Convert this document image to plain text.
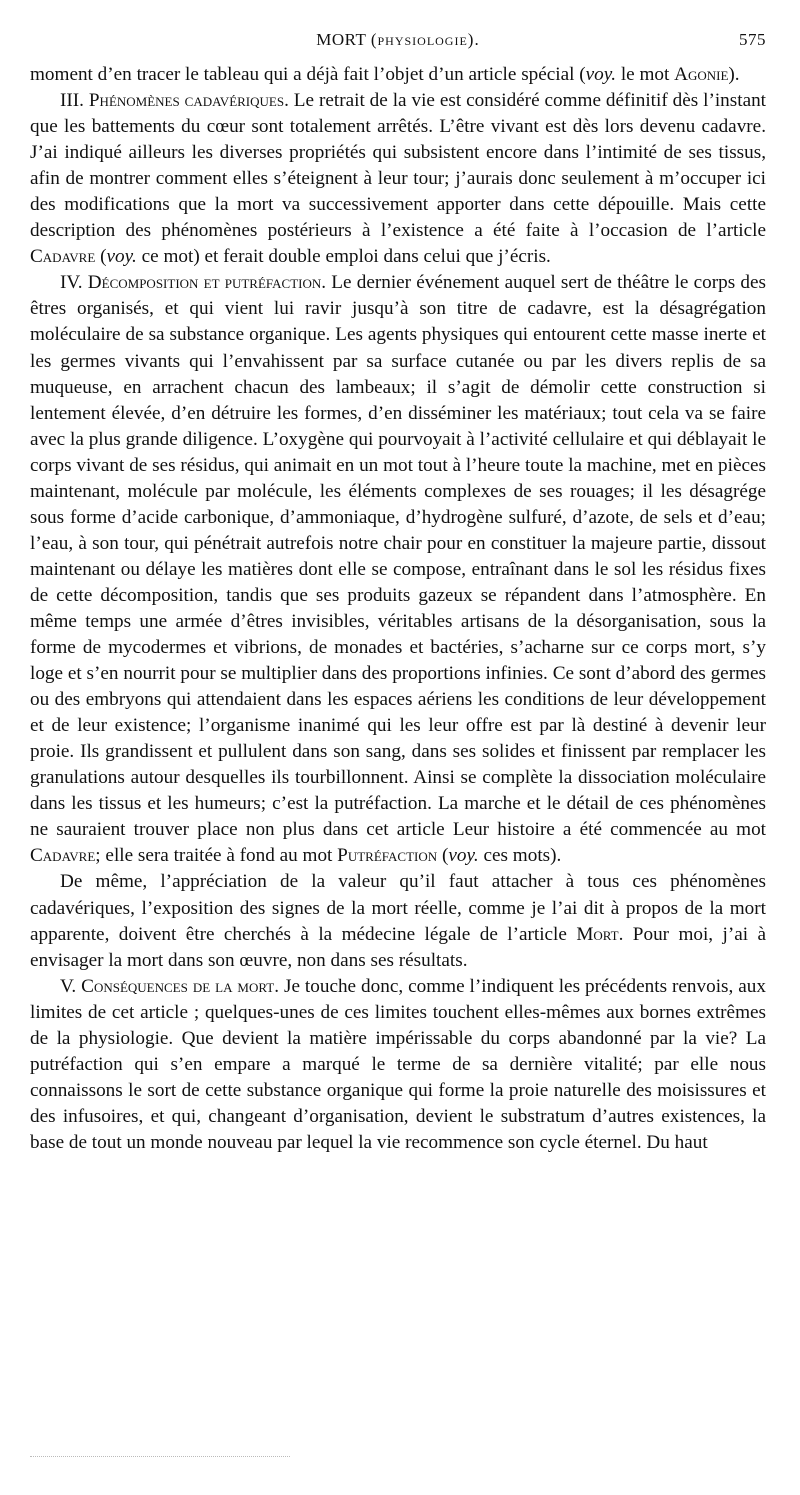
MORT (physiologie).	575

moment d’en tracer le tableau qui a déjà fait l’objet d’un article spécial (voy. le mot Agonie).

III. Phénomènes cadavériques. Le retrait de la vie est considéré comme définitif dès l’instant que les battements du cœur sont totalement arrêtés. L’être vivant est dès lors devenu cadavre. J’ai indiqué ailleurs les diverses propriétés qui subsistent encore dans l’intimité de ses tissus, afin de montrer comment elles s’éteignent à leur tour; j’aurais donc seulement à m’occuper ici des modifications que la mort va successivement apporter dans cette dépouille. Mais cette description des phénomènes postérieurs à l’existence a été faite à l’occasion de l’article Cadavre (voy. ce mot) et ferait double emploi dans celui que j’écris.

IV. Décomposition et putréfaction. Le dernier événement auquel sert de théâtre le corps des êtres organisés, et qui vient lui ravir jusqu’à son titre de cadavre, est la désagrégation moléculaire de sa substance organique. Les agents physiques qui entourent cette masse inerte et les germes vivants qui l’envahissent par sa surface cutanée ou par les divers replis de sa muqueuse, en arrachent chacun des lambeaux; il s’agit de démolir cette construction si lentement élevée, d’en détruire les formes, d’en disséminer les matériaux; tout cela va se faire avec la plus grande diligence. L’oxygène qui pourvoyait à l’activité cellulaire et qui déblayait le corps vivant de ses résidus, qui animait en un mot tout à l’heure toute la machine, met en pièces maintenant, molécule par molécule, les éléments complexes de ses rouages; il les désagrége sous forme d’acide carbonique, d’ammoniaque, d’hydrogène sulfuré, d’azote, de sels et d’eau; l’eau, à son tour, qui pénétrait autrefois notre chair pour en constituer la majeure partie, dissout maintenant ou délaye les matières dont elle se compose, entraînant dans le sol les résidus fixes de cette décomposition, tandis que ses produits gazeux se répandent dans l’atmosphère. En même temps une armée d’êtres invisibles, véritables artisans de la désorganisation, sous la forme de mycodermes et vibrions, de monades et bactéries, s’acharne sur ce corps mort, s’y loge et s’en nourrit pour se multiplier dans des proportions infinies. Ce sont d’abord des germes ou des embryons qui attendaient dans les espaces aériens les conditions de leur développement et de leur existence; l’organisme inanimé qui les leur offre est par là destiné à devenir leur proie. Ils grandissent et pullulent dans son sang, dans ses solides et finissent par remplacer les granulations autour desquelles ils tourbillonnent. Ainsi se complète la dissociation moléculaire dans les tissus et les humeurs; c’est la putréfaction. La marche et le détail de ces phénomènes ne sauraient trouver place non plus dans cet article Leur histoire a été commencée au mot Cadavre; elle sera traitée à fond au mot Putréfaction (voy. ces mots).

De même, l’appréciation de la valeur qu’il faut attacher à tous ces phénomènes cadavériques, l’exposition des signes de la mort réelle, comme je l’ai dit à propos de la mort apparente, doivent être cherchés à la médecine légale de l’article Mort. Pour moi, j’ai à envisager la mort dans son œuvre, non dans ses résultats.

V. Conséquences de la mort. Je touche donc, comme l’indiquent les précédents renvois, aux limites de cet article ; quelques-unes de ces limites touchent elles-mêmes aux bornes extrêmes de la physiologie. Que devient la matière impérissable du corps abandonné par la vie? La putréfaction qui s’en empare a marqué le terme de sa dernière vitalité; par elle nous connaissons le sort de cette substance organique qui forme la proie naturelle des moisissures et des infusoires, et qui, changeant d’organisation, devient le substratum d’autres existences, la base de tout un monde nouveau par lequel la vie recommence son cycle éternel. Du haut
